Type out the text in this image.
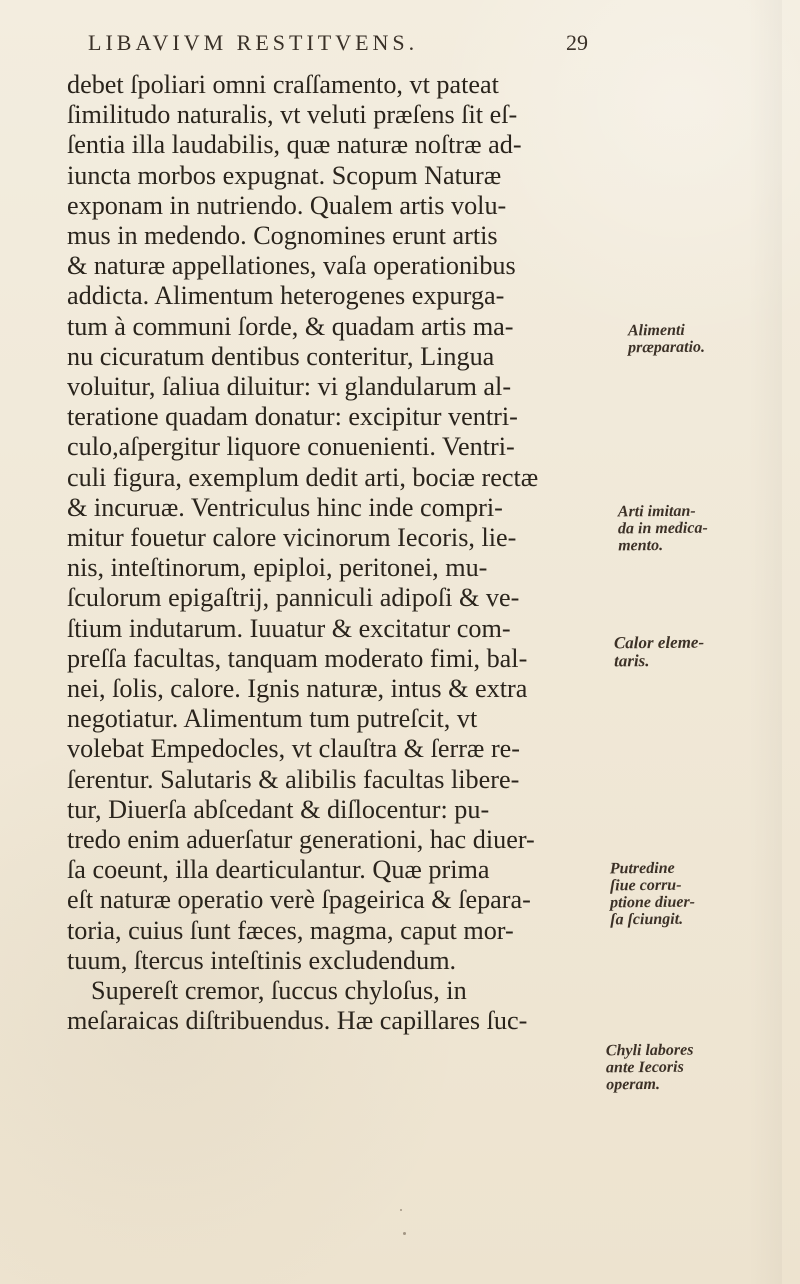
LIBAVIVM RESTITVENS.	29
debet ſpoliari omni craſſamento, vt pateat
ſimilitudo naturalis, vt veluti præſens ſit eſ-
ſentia illa laudabilis, quæ naturæ noſtræ ad-
iuncta morbos expugnat. Scopum Naturæ
exponam in nutriendo. Qualem artis volu-
mus in medendo. Cognomines erunt artis
& naturæ appellationes, vaſa operationibus
addicta. Alimentum heterogenes expurga-
tum à communi ſorde, & quadam artis ma-
nu cicuratum dentibus conteritur, Lingua
voluitur, ſaliua diluitur: vi glandularum al-
teratione quadam donatur: excipitur ventri-
culo,aſpergitur liquore conuenienti. Ventri-
culi figura, exemplum dedit arti, bociæ rectæ
& incuruæ. Ventriculus hinc inde compri-
mitur fouetur calore vicinorum Iecoris, lie-
nis, inteſtinorum, epiploi, peritonei, mu-
ſculorum epigaſtrij, panniculi adipoſi & ve-
ſtium indutarum. Iuuatur & excitatur com-
preſſa facultas, tanquam moderato fimi, bal-
nei, ſolis, calore. Ignis naturæ, intus & extra
negotiatur. Alimentum tum putreſcit, vt
volebat Empedocles, vt clauſtra & ſerræ re-
ſerentur. Salutaris & alibilis facultas libere-
tur, Diuerſa abſcedant & diſlocentur: pu-
tredo enim aduerſatur generationi, hac diuer-
ſa coeunt, illa dearticulantur. Quæ prima
eſt naturæ operatio verè ſpageirica & ſepara-
toria, cuius ſunt fæces, magma, caput mor-
tuum, ſtercus inteſtinis excludendum.
Supereſt cremor, ſuccus chyloſus, in
meſaraicas diſtribuendus. Hæ capillares ſuc-
Alimenti
præparatio.
Arti imitan-
da in medica-
mento.
Calor eleme-
taris.
Putredine
ſiue corru-
ptione diuer-
ſa ſciungit.
Chyli labores
ante Iecoris
operam.
